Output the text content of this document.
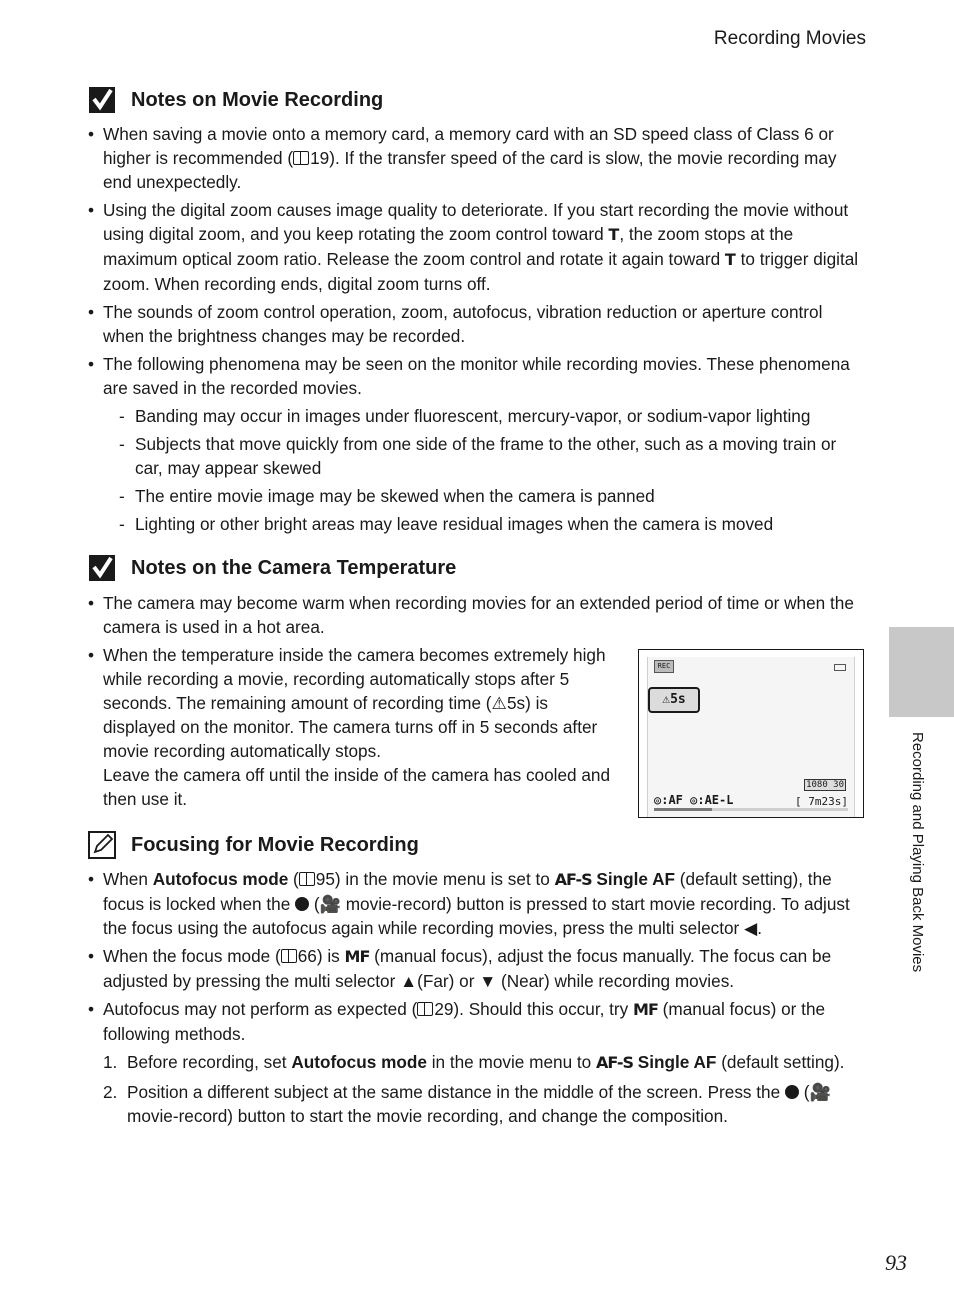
Recording Movies
Recording and Playing Back Movies
Notes on Movie Recording
• When saving a movie onto a memory card, a memory card with an SD speed class of Class 6 or higher is recommended ( 19). If the transfer speed of the card is slow, the movie recording may end unexpectedly.
• Using the digital zoom causes image quality to deteriorate. If you start recording the movie without using digital zoom, and you keep rotating the zoom control toward T, the zoom stops at the maximum optical zoom ratio. Release the zoom control and rotate it again toward T to trigger digital zoom. When recording ends, digital zoom turns off.
• The sounds of zoom control operation, zoom, autofocus, vibration reduction or aperture control when the brightness changes may be recorded.
• The following phenomena may be seen on the monitor while recording movies. These phenomena are saved in the recorded movies.
- Banding may occur in images under fluorescent, mercury-vapor, or sodium-vapor lighting
- Subjects that move quickly from one side of the frame to the other, such as a moving train or car, may appear skewed
- The entire movie image may be skewed when the camera is panned
- Lighting or other bright areas may leave residual images when the camera is moved
Notes on the Camera Temperature
• The camera may become warm when recording movies for an extended period of time or when the camera is used in a hot area.
• When the temperature inside the camera becomes extremely high while recording a movie, recording automatically stops after 5 seconds. The remaining amount of recording time (⚠5s) is displayed on the monitor. The camera turns off in 5 seconds after movie recording automatically stops.
Leave the camera off until the inside of the camera has cooled and then use it.
REC
⚠5s
1080 30
◎:AF ◎:AE-L	[ 7m23s]
Focusing for Movie Recording
• When Autofocus mode ( 95) in the movie menu is set to AF-S Single AF (default setting), the focus is locked when the  (🎥 movie-record) button is pressed to start movie recording. To adjust the focus using the autofocus again while recording movies, press the multi selector ◀.
• When the focus mode ( 66) is MF (manual focus), adjust the focus manually. The focus can be adjusted by pressing the multi selector ▲(Far) or ▼ (Near) while recording movies.
• Autofocus may not perform as expected ( 29). Should this occur, try MF (manual focus) or the following methods.
1. Before recording, set Autofocus mode in the movie menu to AF-S Single AF (default setting).
2. Position a different subject at the same distance in the middle of the screen. Press the  (🎥 movie-record) button to start the movie recording, and change the composition.
93
